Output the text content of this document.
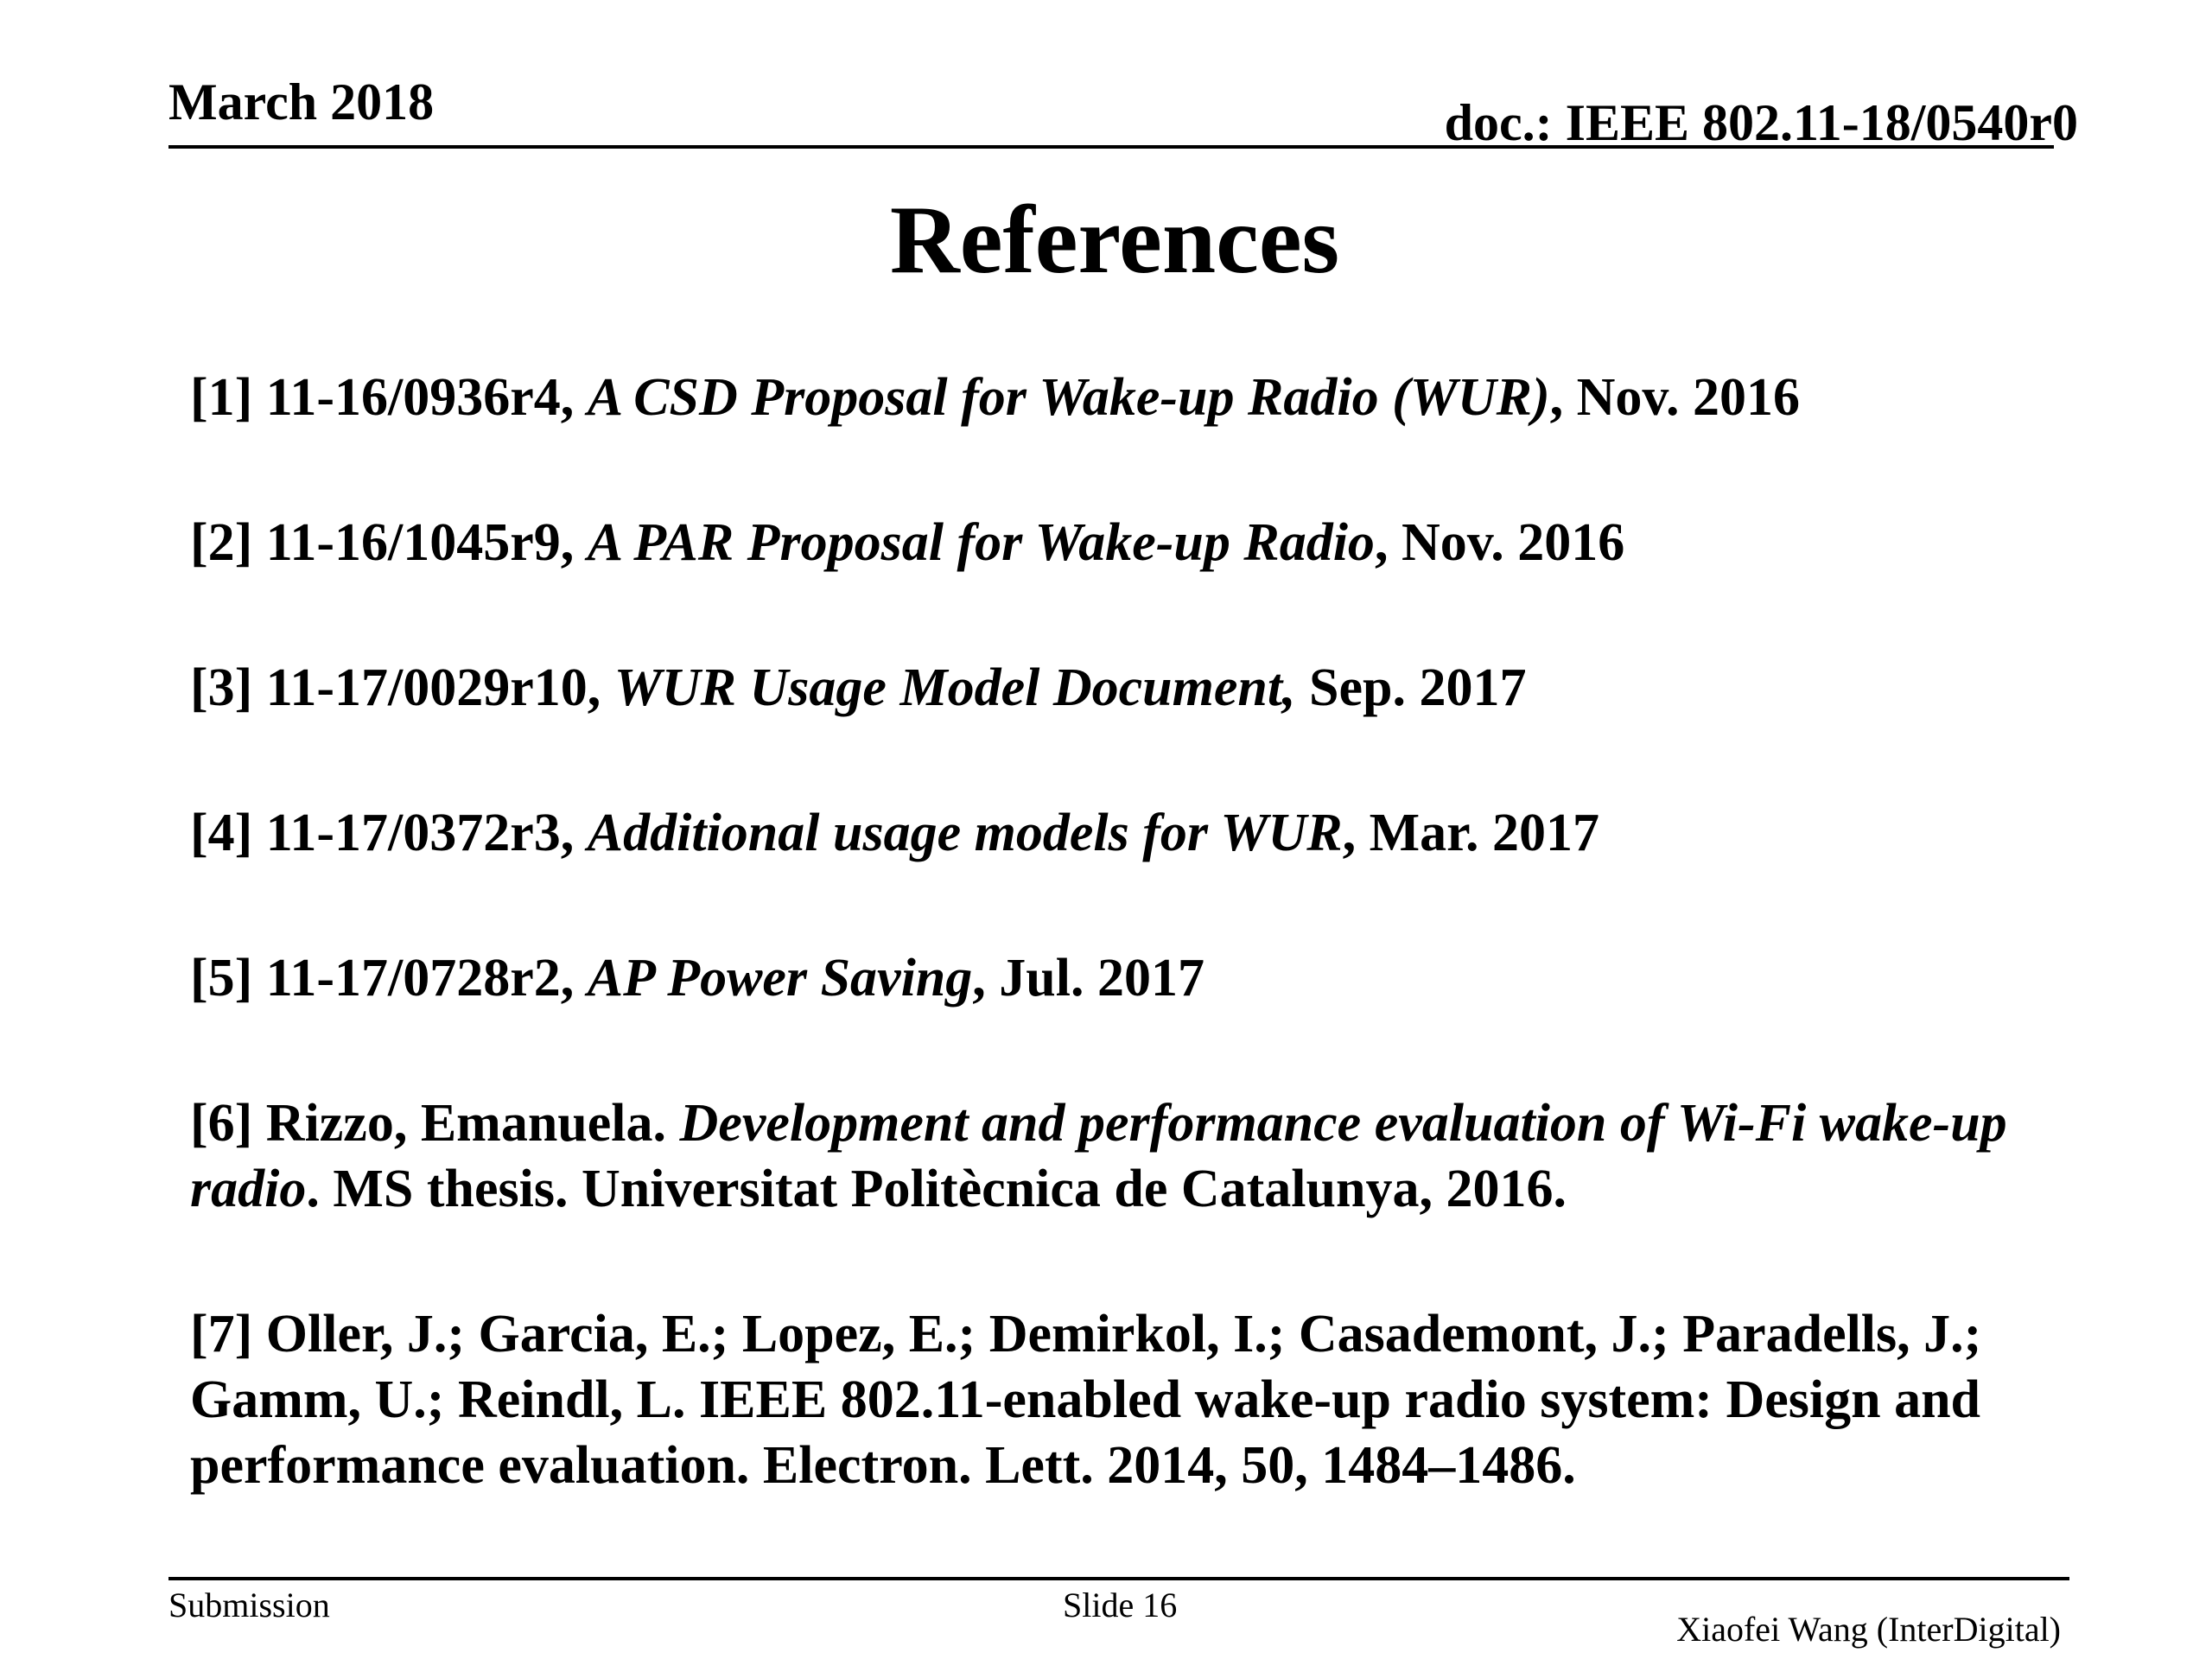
March 2018	doc.: IEEE 802.11-18/0540r0
References
[1] 11-16/0936r4, A CSD Proposal for Wake-up Radio (WUR), Nov. 2016
[2] 11-16/1045r9, A PAR Proposal for Wake-up Radio, Nov. 2016
[3] 11-17/0029r10, WUR Usage Model Document, Sep. 2017
[4] 11-17/0372r3, Additional usage models for WUR, Mar. 2017
[5] 11-17/0728r2, AP Power Saving, Jul. 2017
[6] Rizzo, Emanuela. Development and performance evaluation of Wi-Fi wake-up radio. MS thesis. Universitat Politècnica de Catalunya, 2016.
[7] Oller, J.; Garcia, E.; Lopez, E.; Demirkol, I.; Casademont, J.; Paradells, J.; Gamm, U.; Reindl, L. IEEE 802.11-enabled wake-up radio system: Design and performance evaluation. Electron. Lett. 2014, 50, 1484–1486.
Submission	Slide 16
Xiaofei Wang (InterDigital)
